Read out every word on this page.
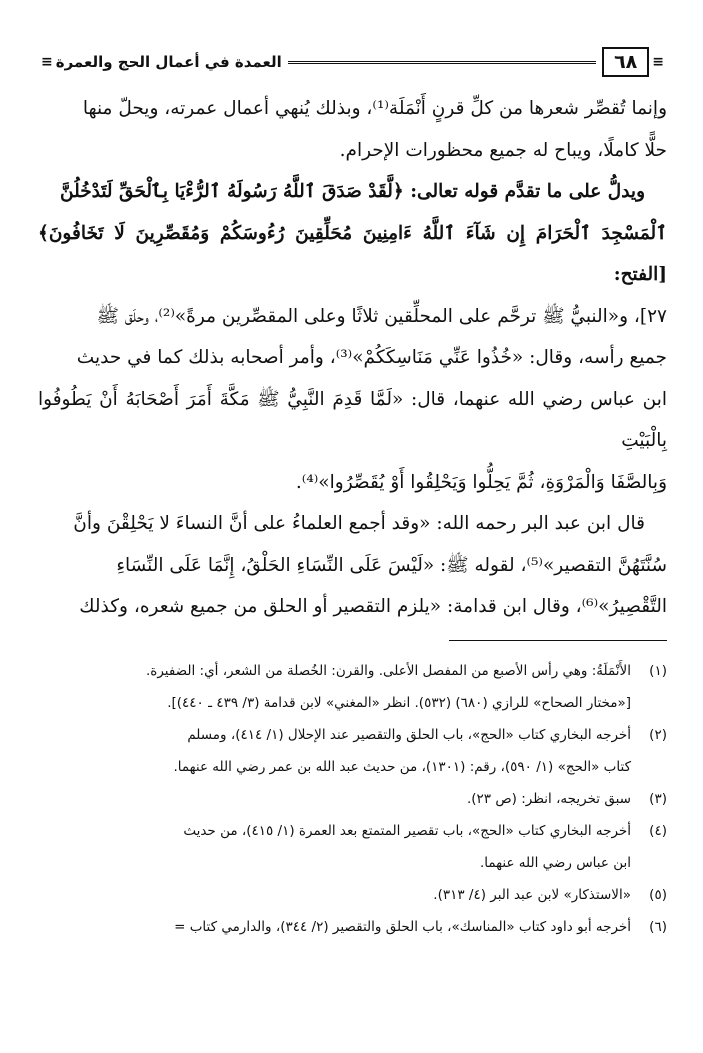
≡ العمدة في أعمال الحج والعمرة	٦٨	≡

وإنما تُقصِّر شعرها من كلِّ قرنٍ أَنْمَلَة⁽¹⁾، وبذلك يُنهي أعمال عمرته، ويحلّ منها

حلًّا كاملًا، ويباح له جميع محظورات الإحرام.

ويدلُّ على ما تقدَّم قوله تعالى: ﴿لَّقَدْ صَدَقَ ٱللَّهُ رَسُولَهُ ٱلرُّءْيَا بِٱلْحَقِّ لَتَدْخُلُنَّ

ٱلْمَسْجِدَ ٱلْحَرَامَ إِن شَآءَ ٱللَّهُ ءَامِنِينَ مُحَلِّقِينَ رُءُوسَكُمْ وَمُقَصِّرِينَ لَا تَخَافُونَ﴾ [الفتح:

٢٧]، و«النبيُّ ﷺ ترحَّم على المحلِّقين ثلاثًا وعلى المقصِّرين مرةً»⁽²⁾، وحلَق ﷺ

جميع رأسه، وقال: «خُذُوا عَنِّي مَنَاسِكَكُمْ»⁽³⁾، وأمر أصحابه بذلك كما في حديث

ابن عباس رضي الله عنهما، قال: «لَمَّا قَدِمَ النَّبِيُّ ﷺ مَكَّةَ أَمَرَ أَصْحَابَهُ أَنْ يَطُوفُوا بِالْبَيْتِ

وَبِالصَّفَا وَالْمَرْوَةِ، ثُمَّ يَحِلُّوا وَيَحْلِقُوا أَوْ يُقَصِّرُوا»⁽⁴⁾.

قال ابن عبد البر رحمه الله: «وقد أجمع العلماءُ على أنَّ النساءَ لا يَحْلِقْنَ وأنَّ

سُنَّتَهُنَّ التقصير»⁽⁵⁾، لقوله ﷺ: «لَيْسَ عَلَى النِّسَاءِ الحَلْقُ، إِنَّمَا عَلَى النِّسَاءِ

التَّقْصِيرُ»⁽⁶⁾، وقال ابن قدامة: «يلزم التقصير أو الحلق من جميع شعره، وكذلك

(١)
الأَنْمَلَةُ: وهي رأس الأصبع من المفصل الأعلى. والقرن: الخُصلة من الشعر، أي: الضفيرة.
[«مختار الصحاح» للرازي (٦٨٠) (٥٣٢). انظر «المغني» لابن قدامة (٣/ ٤٣٩ ـ ٤٤٠)].
(٢)
أخرجه البخاري كتاب «الحج»، باب الحلق والتقصير عند الإحلال (١/ ٤١٤)، ومسلم
كتاب «الحج» (١/ ٥٩٠)، رقم: (١٣٠١)، من حديث عبد الله بن عمر رضي الله عنهما.
(٣)
سبق تخريجه، انظر: (ص ٢٣).
(٤)
أخرجه البخاري كتاب «الحج»، باب تقصير المتمتع بعد العمرة (١/ ٤١٥)، من حديث
ابن عباس رضي الله عنهما.
(٥)
«الاستذكار» لابن عبد البر (٤/ ٣١٣).
(٦)
أخرجه أبو داود كتاب «المناسك»، باب الحلق والتقصير (٢/ ٣٤٤)، والدارمي كتاب =
